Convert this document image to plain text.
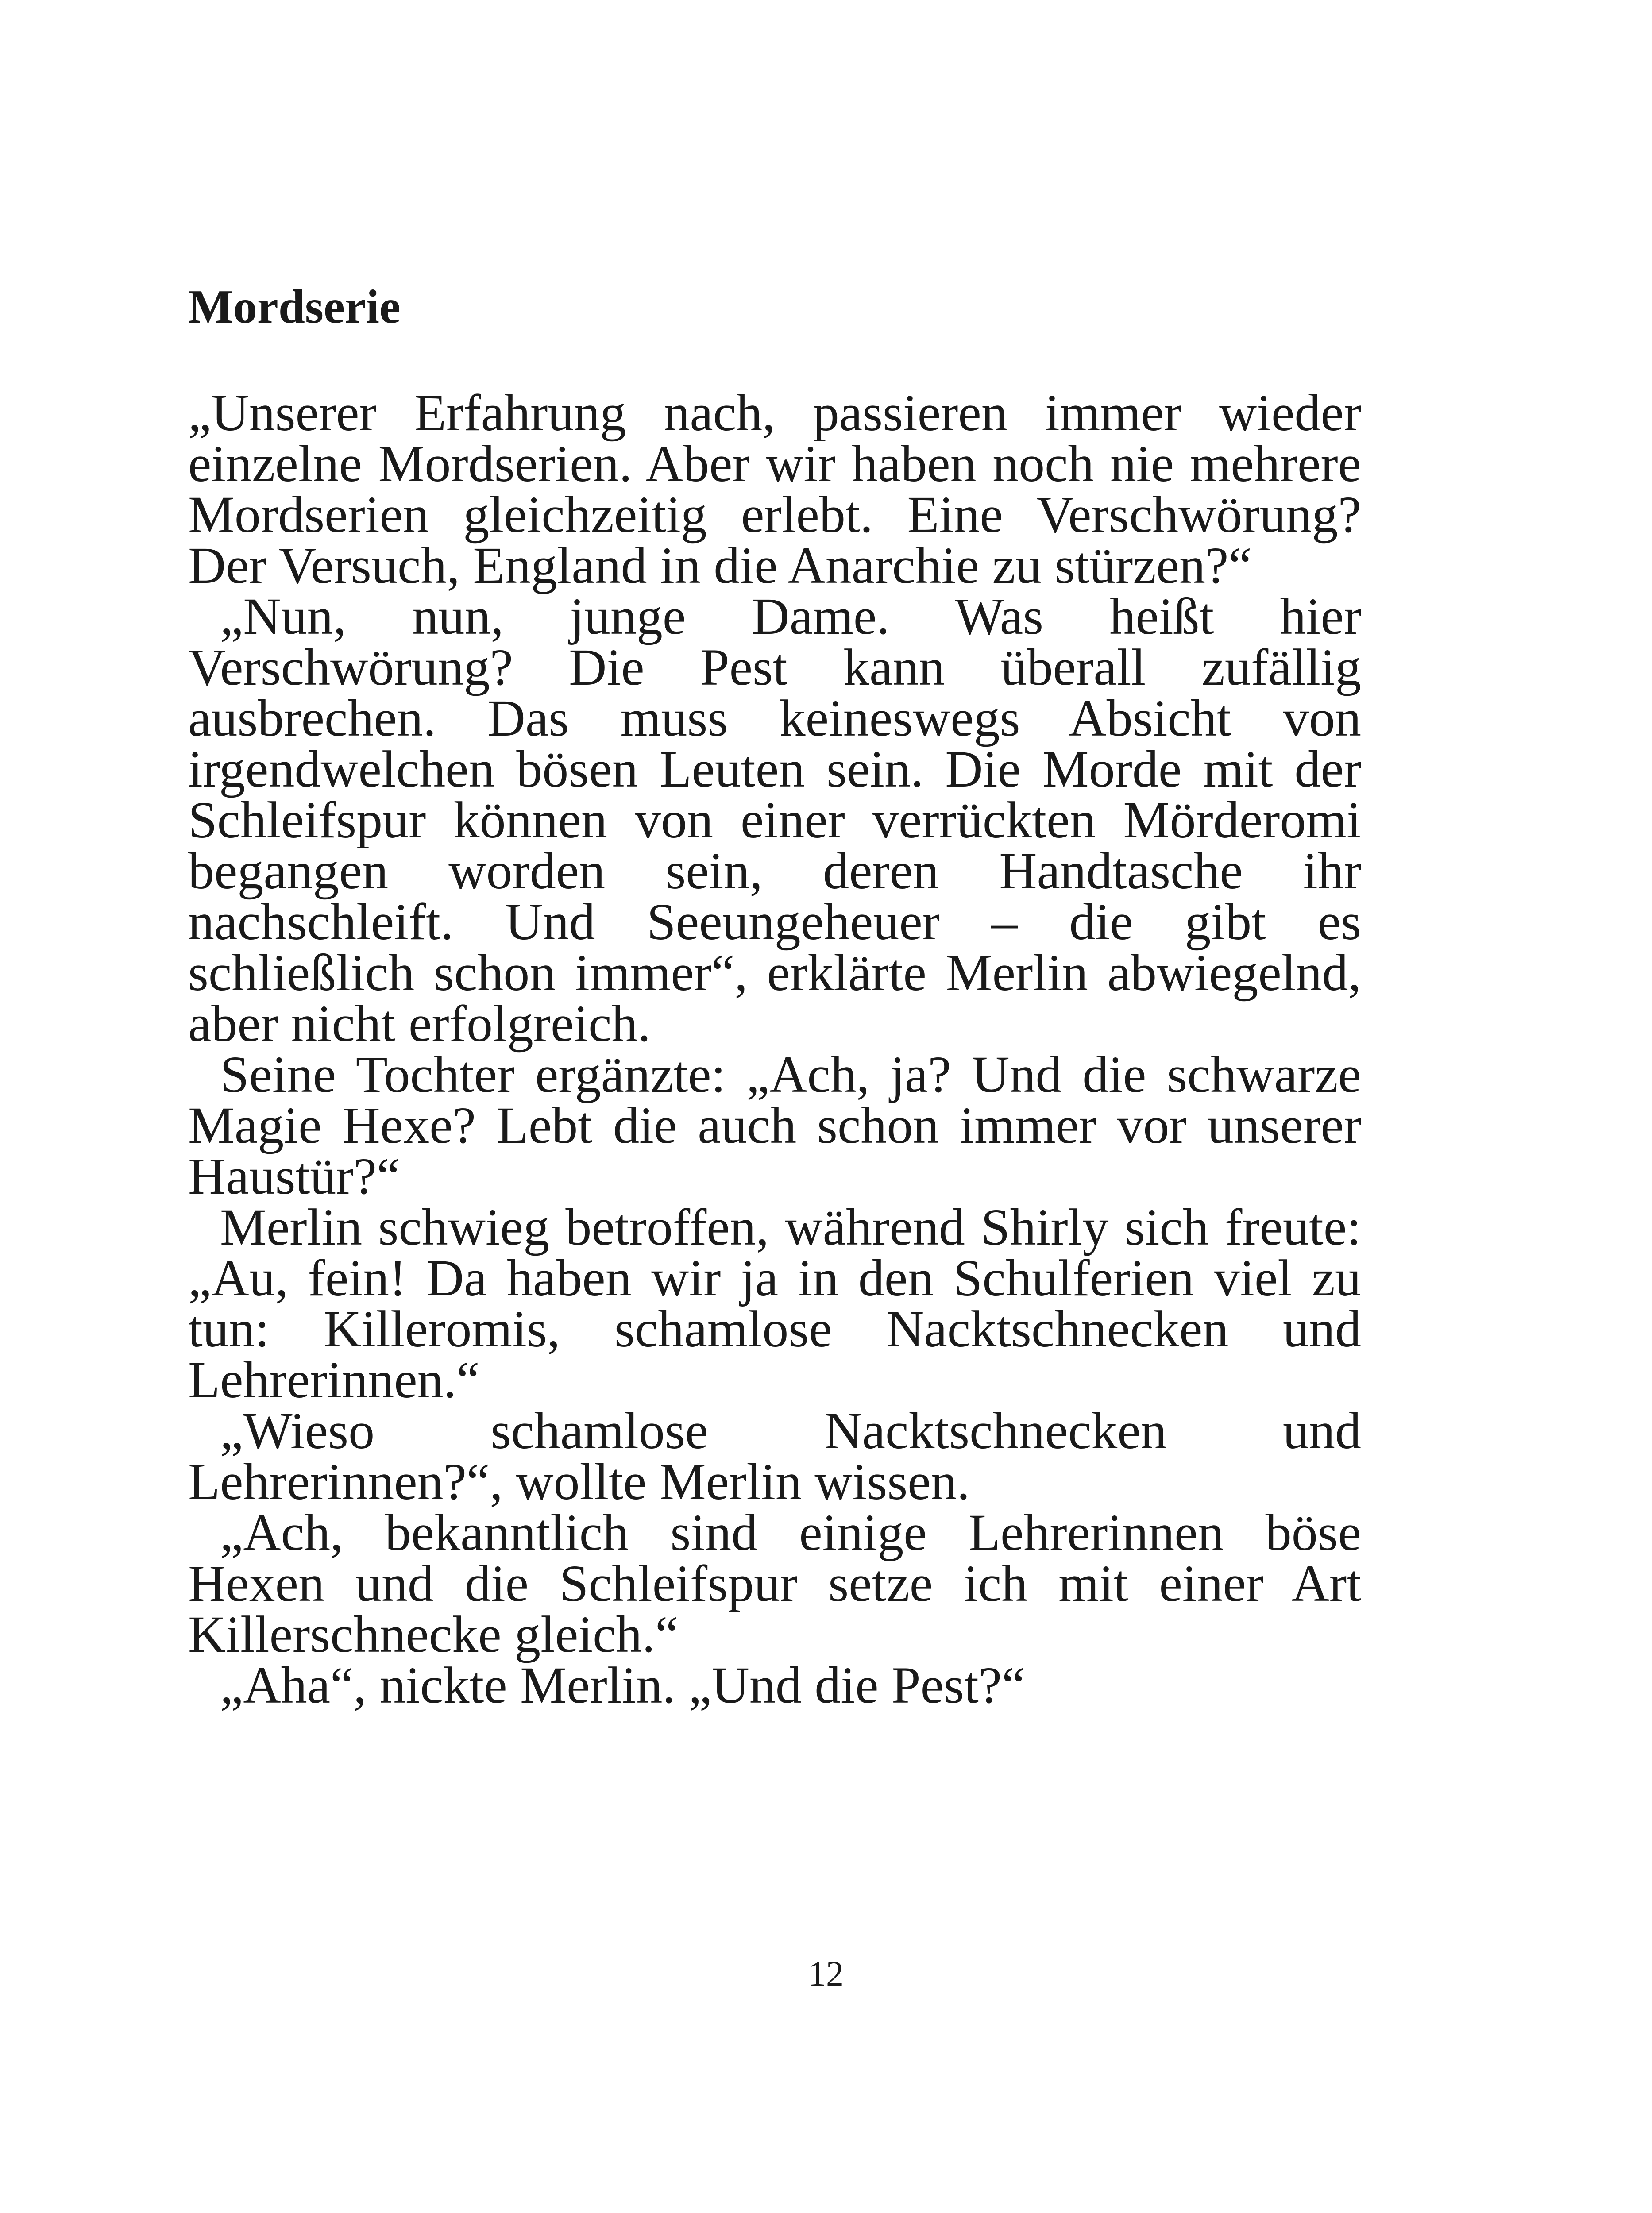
Mordserie

„Unserer Erfahrung nach, passieren immer wieder einzelne Mordserien. Aber wir haben noch nie mehrere Mordserien gleichzeitig erlebt. Eine Verschwörung? Der Versuch, England in die Anarchie zu stürzen?“

„Nun, nun, junge Dame. Was heißt hier Verschwörung? Die Pest kann überall zufällig ausbrechen. Das muss keineswegs Absicht von irgendwelchen bösen Leuten sein. Die Morde mit der Schleifspur können von einer verrückten Mörderomi begangen worden sein, deren Handtasche ihr nachschleift. Und Seeungeheuer – die gibt es schließlich schon immer“, erklärte Merlin abwiegelnd, aber nicht erfolgreich.

Seine Tochter ergänzte: „Ach, ja? Und die schwarze Magie Hexe? Lebt die auch schon immer vor unserer Haustür?“

Merlin schwieg betroffen, während Shirly sich freute: „Au, fein! Da haben wir ja in den Schulferien viel zu tun: Killeromis, schamlose Nacktschnecken und Lehrerinnen.“

„Wieso schamlose Nacktschnecken und Lehrerinnen?“, wollte Merlin wissen.

„Ach, bekanntlich sind einige Lehrerinnen böse Hexen und die Schleifspur setze ich mit einer Art Killerschnecke gleich.“

„Aha“, nickte Merlin. „Und die Pest?“

12
